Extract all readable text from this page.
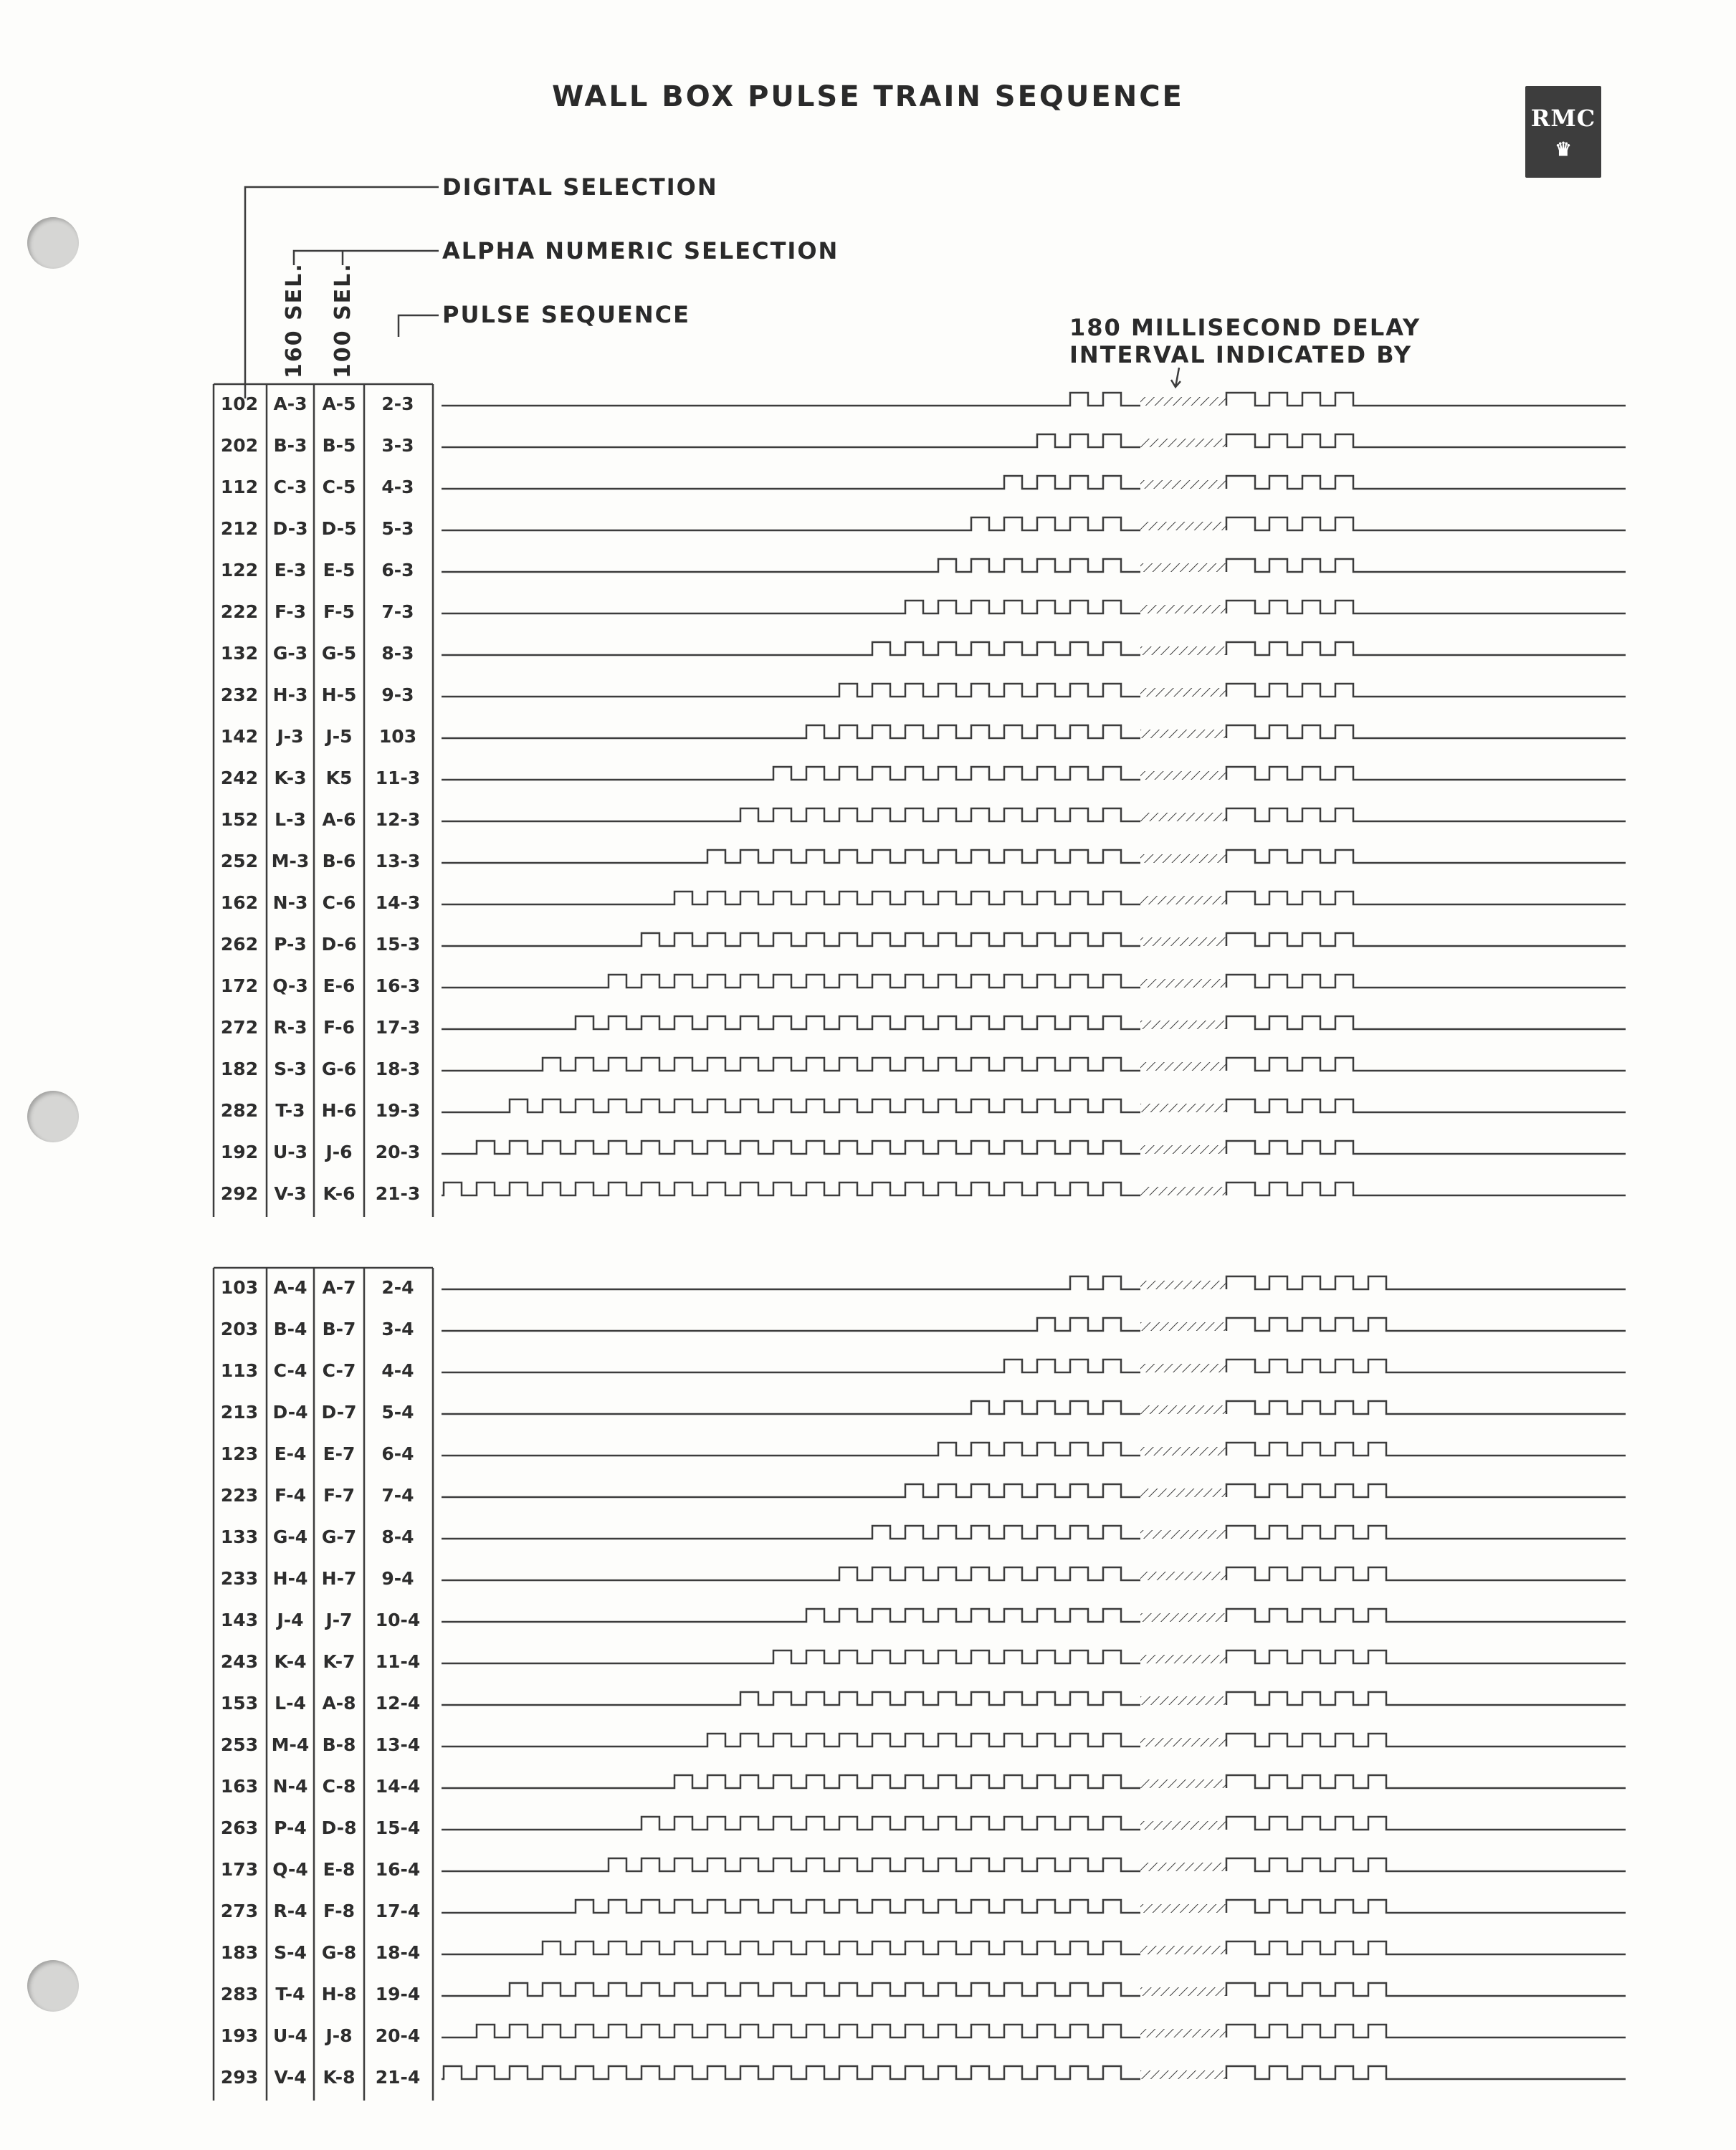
WALL BOX PULSE TRAIN SEQUENCE
RMC
♛
DIGITAL SELECTION
ALPHA NUMERIC SELECTION
PULSE SEQUENCE
160 SEL. 100 SEL.	180 MILLISECOND DELAY
INTERVAL INDICATED BY
102 A-3 A-5	2-3
202 B-3 B-5	3-3
112 C-3 C-5	4-3
212 D-3 D-5	5-3
122 E-3 E-5	6-3
222 F-3 F-5	7-3
132 G-3 G-5	8-3
232 H-3 H-5	9-3
142	J-3	J-5	103
242 K-3	K5	11-3
152 L-3 A-6	12-3
252 M-3 B-6	13-3
162 N-3 C-6	14-3
262 P-3 D-6	15-3
172 Q-3 E-6	16-3
272 R-3 F-6	17-3
182 S-3 G-6	18-3
282 T-3 H-6	19-3
192 U-3	J-6	20-3
292 V-3 K-6	21-3
103 A-4 A-7	2-4
203 B-4 B-7	3-4
113 C-4 C-7	4-4
213 D-4 D-7	5-4
123 E-4 E-7	6-4
223 F-4 F-7	7-4
133 G-4 G-7	8-4
233 H-4 H-7	9-4
143	J-4	J-7	10-4
243 K-4 K-7	11-4
153 L-4 A-8	12-4
253 M-4 B-8	13-4
163 N-4 C-8	14-4
263 P-4 D-8	15-4
173 Q-4 E-8	16-4
273 R-4 F-8	17-4
183 S-4 G-8	18-4
283 T-4 H-8	19-4
193 U-4	J-8	20-4
293 V-4 K-8	21-4
